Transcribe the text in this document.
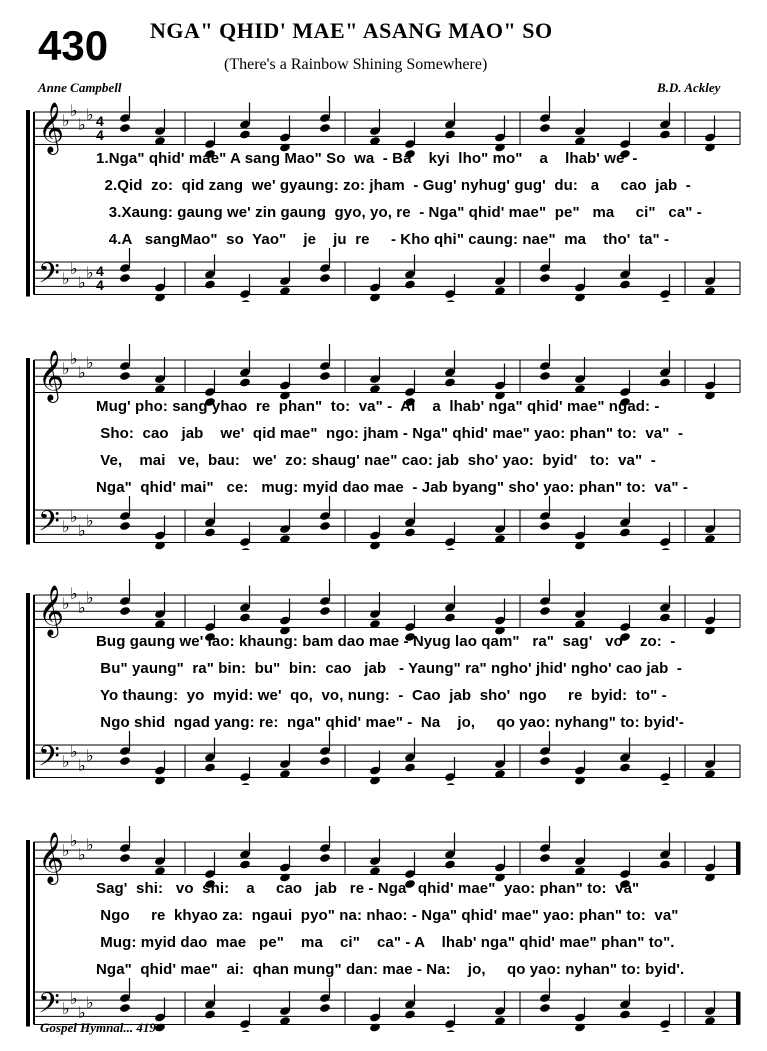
430 NGA" QHID' MAE" ASANG MAO" SO
(There's a Rainbow Shining Somewhere)
Anne Campbell	B.D. Ackley
𝄞
𝄢
♭
♭
♭
♭
♭
♭
♭
♭
4
4
4
4
1.Nga" qhid' mae" A sang Mao" So  wa  - Ba    kyi  lho" mo"    a    lhab' we' -
2.Qid  zo:  qid zang  we' gyaung: zo: jham  - Gug' nyhug' gug'  du:   a     cao  jab  -
3.Xaung: gaung we' zin gaung  gyo, yo, re  - Nga" qhid' mae"  pe"   ma     ci"   ca" -
4.A   sangMao"  so  Yao"    je    ju  re     - Kho qhi" caung: nae"  ma    tho'  ta" -
𝄞
𝄢
♭
♭
♭
♭
♭
♭
♭
♭
Mug' pho: sang yhao  re  phan"  to:  va" -  Ai    a  lhab' nga" qhid' mae" ngad: -
Sho:  cao   jab    we'  qid mae"  ngo: jham - Nga" qhid' mae" yao: phan" to:  va"  -
Ve,    mai   ve,  bau:   we'  zo: shaug' nae" cao: jab  sho' yao:  byid'   to:  va"  -
Nga"  qhid' mai"   ce:   mug: myid dao mae  - Jab byang" sho' yao: phan" to:  va" -
𝄞
𝄢
♭
♭
♭
♭
♭
♭
♭
♭
Bug gaung we' lao: khaung: bam dao mae - Nyug lao qam"   ra"  sag'   vo    zo:  -
Bu" yaung"  ra" bin:  bu"  bin:  cao   jab   - Yaung" ra" ngho' jhid' ngho' cao jab  -
Yo thaung:  yo  myid: we'  qo,  vo, nung:  -  Cao  jab  sho'  ngo     re  byid:  to" -
Ngo shid  ngad yang: re:  nga" qhid' mae" -  Na    jo,     qo yao: nyhang" to: byid'-
𝄞
𝄢
♭
♭
♭
♭
♭
♭
♭
♭
Sag'  shi:   vo  shi:    a     cao   jab   re - Nga" qhid' mae"  yao: phan" to:  va"
Ngo     re  khyao za:  ngaui  pyo" na: nhao: - Nga" qhid' mae" yao: phan" to:  va"
Mug: myid dao  mae   pe"    ma    ci"    ca" - A    lhab' nga" qhid' mae" phan" to".
Nga"  qhid' mae"  ai:  qhan mung" dan: mae - Na:    jo,     qo yao: nyhan" to: byid'.
Gospel Hymnal... 419
